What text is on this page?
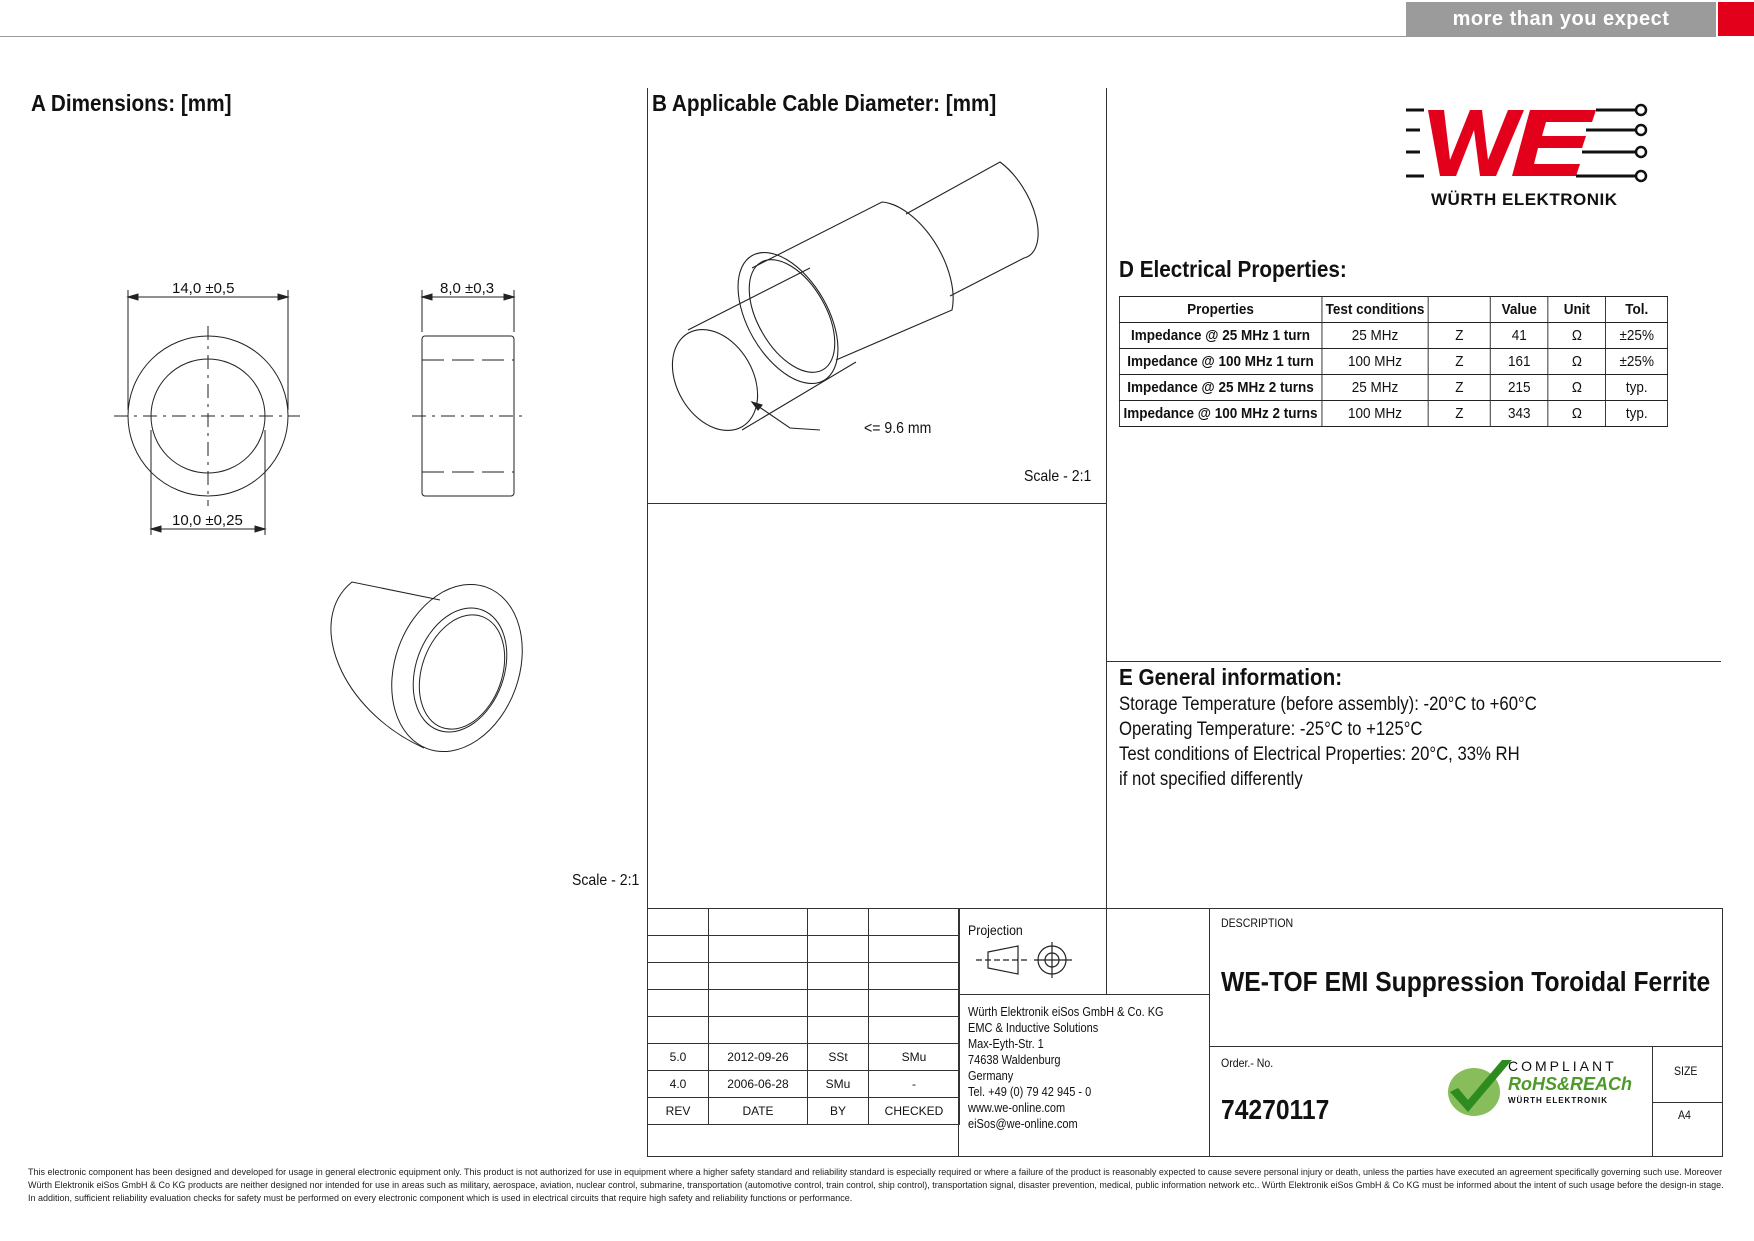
more than you expect
A Dimensions: [mm]
14,0 ±0,5	8,0 ±0,3
10,0 ±0,25
Scale - 2:1
B Applicable Cable Diameter: [mm]
<= 9.6 mm
Scale - 2:1
WÜRTH ELEKTRONIK
D Electrical Properties:
Properties	Test conditions		Value	Unit	Tol.
Impedance @ 25 MHz 1 turn	25 MHz	Z	41	Ω	±25%
Impedance @ 100 MHz 1 turn	100 MHz	Z	161	Ω	±25%
Impedance @ 25 MHz 2 turns	25 MHz	Z	215	Ω	typ.
Impedance @ 100 MHz 2 turns	100 MHz	Z	343	Ω	typ.
E General information:
Storage Temperature (before assembly): -20°C to +60°C
Operating Temperature: -25°C to +125°C
Test conditions of Electrical Properties: 20°C, 33% RH
if not specified differently

5.0	2012-09-26	SSt	SMu
4.0	2006-06-28	SMu	-
REV	DATE	BY	CHECKED
Projection
Würth Elektronik eiSos GmbH & Co. KG
EMC & Inductive Solutions
Max-Eyth-Str. 1
74638 Waldenburg
Germany
Tel. +49 (0) 79 42 945 - 0
www.we-online.com
eiSos@we-online.com
DESCRIPTION
WE-TOF EMI Suppression Toroidal Ferrite
Order.- No.
74270117
COMPLIANT
RoHS&REACh
WÜRTH ELEKTRONIK
SIZE
A4
This electronic component has been designed and developed for usage in general electronic equipment only. This product is not authorized for use in equipment where a higher safety standard and reliability standard is especially required or where a failure of the product is reasonably expected to cause severe personal injury or death, unless the parties have executed an agreement specifically governing such use. Moreover Würth Elektronik eiSos GmbH & Co KG products are neither designed nor intended for use in areas such as military, aerospace, aviation, nuclear control, submarine, transportation (automotive control, train control, ship control), transportation signal, disaster prevention, medical, public information network etc.. Würth Elektronik eiSos GmbH & Co KG must be informed about the intent of such usage before the design-in stage. In addition, sufficient reliability evaluation checks for safety must be performed on every electronic component which is used in electrical circuits that require high safety and reliability functions or performance.
